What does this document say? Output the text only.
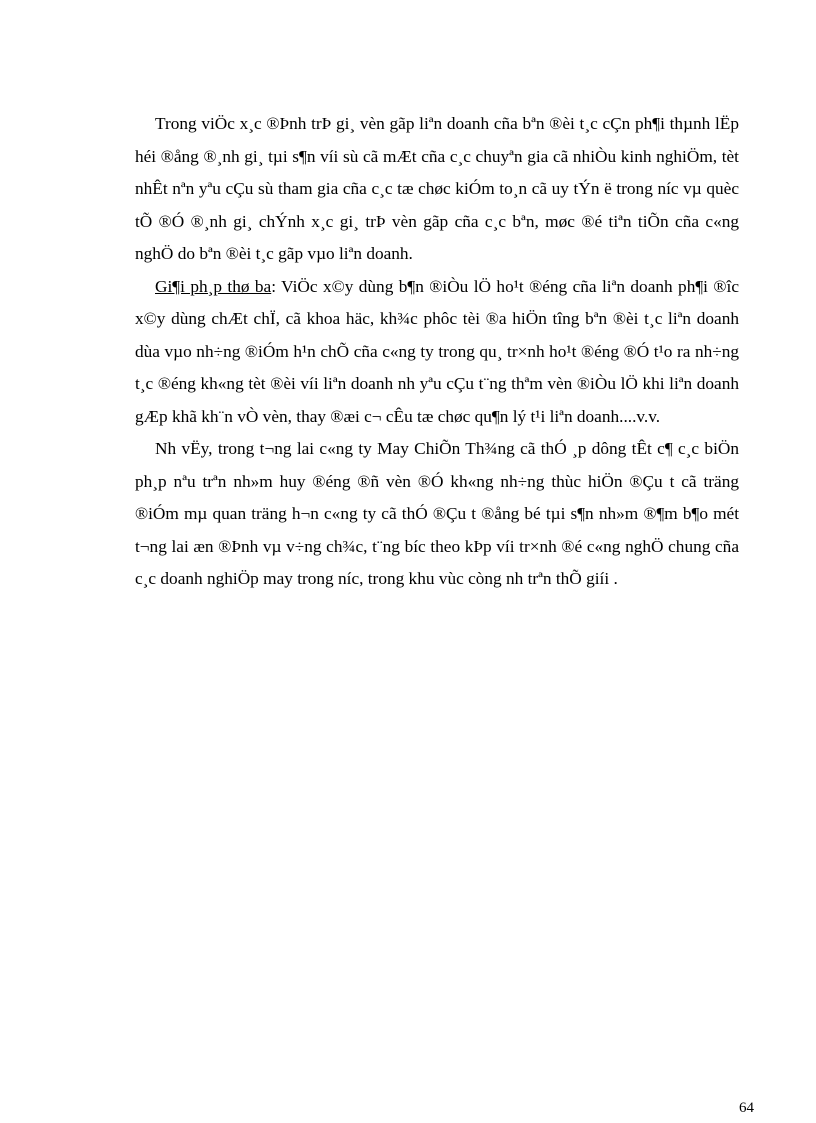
Trong viÖc x¸c ®Þnh trÞ gi¸ vèn gãp liªn doanh cña bªn ®èi t¸c cÇn ph¶i thµnh lËp héi ®ång ®¸nh gi¸ tµi s¶n víi sù cã mÆt cña c¸c chuyªn gia cã nhiÒu kinh nghiÖm, tèt nhÊt nªn yªu cÇu sù tham gia cña c¸c tæ chøc kiÓm to¸n cã uy tÝn ë trong níc vµ quèc tÕ ®Ó ®¸nh gi¸ chÝnh x¸c gi¸ trÞ vèn gãp cña c¸c bªn, møc ®é tiªn tiÕn cña c«ng nghÖ do bªn ®èi t¸c gãp vµo liªn doanh.

Gi¶i ph¸p thø ba: ViÖc x©y dùng b¶n ®iÒu lÖ ho¹t ®éng cña liªn doanh ph¶i ®îc x©y dùng chÆt chÏ, cã khoa häc, kh¾c phôc tèi ®a hiÖn tîng bªn ®èi t¸c liªn doanh dùa vµo nh÷ng ®iÓm h¹n chÕ cña c«ng ty trong qu¸ tr×nh ho¹t ®éng ®Ó t¹o ra nh÷ng t¸c ®éng kh«ng tèt ®èi víi liªn doanh nh yªu cÇu t¨ng thªm vèn ®iÒu lÖ khi liªn doanh gÆp khã kh¨n vÒ vèn, thay ®æi c¬ cÊu tæ chøc qu¶n lý t¹i liªn doanh....v.v.

Nh vËy, trong t¬ng lai c«ng ty May ChiÕn Th¾ng cã thÓ ¸p dông tÊt c¶ c¸c biÖn ph¸p nªu trªn nh»m huy ®éng ®ñ vèn ®Ó kh«ng nh÷ng thùc hiÖn ®Çu t cã träng ®iÓm mµ quan träng h¬n c«ng ty cã thÓ ®Çu t ®ång bé tµi s¶n nh»m ®¶m b¶o mét t¬ng lai æn ®Þnh vµ v÷ng ch¾c, t¨ng bíc theo kÞp víi tr×nh ®é c«ng nghÖ chung cña c¸c doanh nghiÖp may trong níc, trong khu vùc còng nh trªn thÕ giíi .

64
